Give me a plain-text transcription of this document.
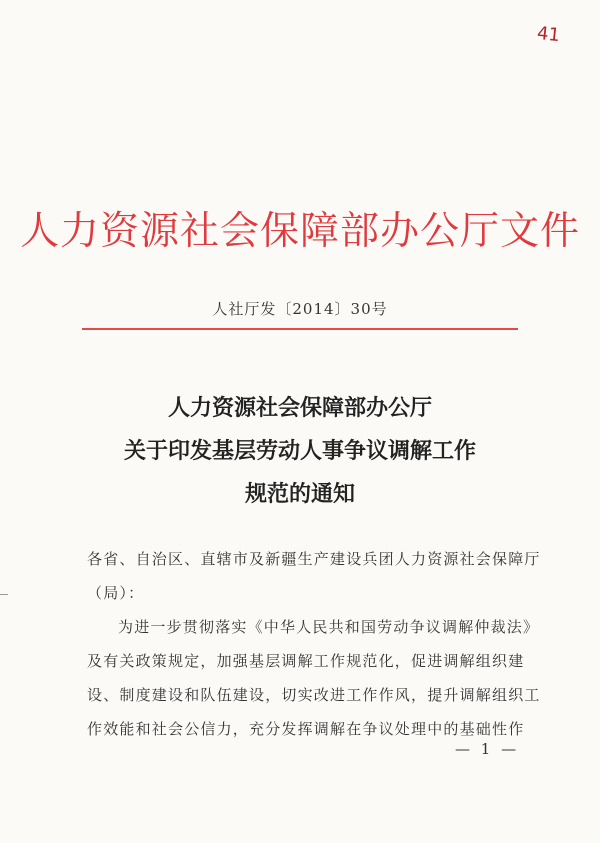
41
人力资源社会保障部办公厅文件
人社厅发〔2014〕30号
人力资源社会保障部办公厅
关于印发基层劳动人事争议调解工作
规范的通知
各省、自治区、直辖市及新疆生产建设兵团人力资源社会保障厅
（局）：
为进一步贯彻落实《中华人民共和国劳动争议调解仲裁法》
及有关政策规定，加强基层调解工作规范化，促进调解组织建
设、制度建设和队伍建设，切实改进工作作风，提升调解组织工
作效能和社会公信力，充分发挥调解在争议处理中的基础性作
— 1 —
